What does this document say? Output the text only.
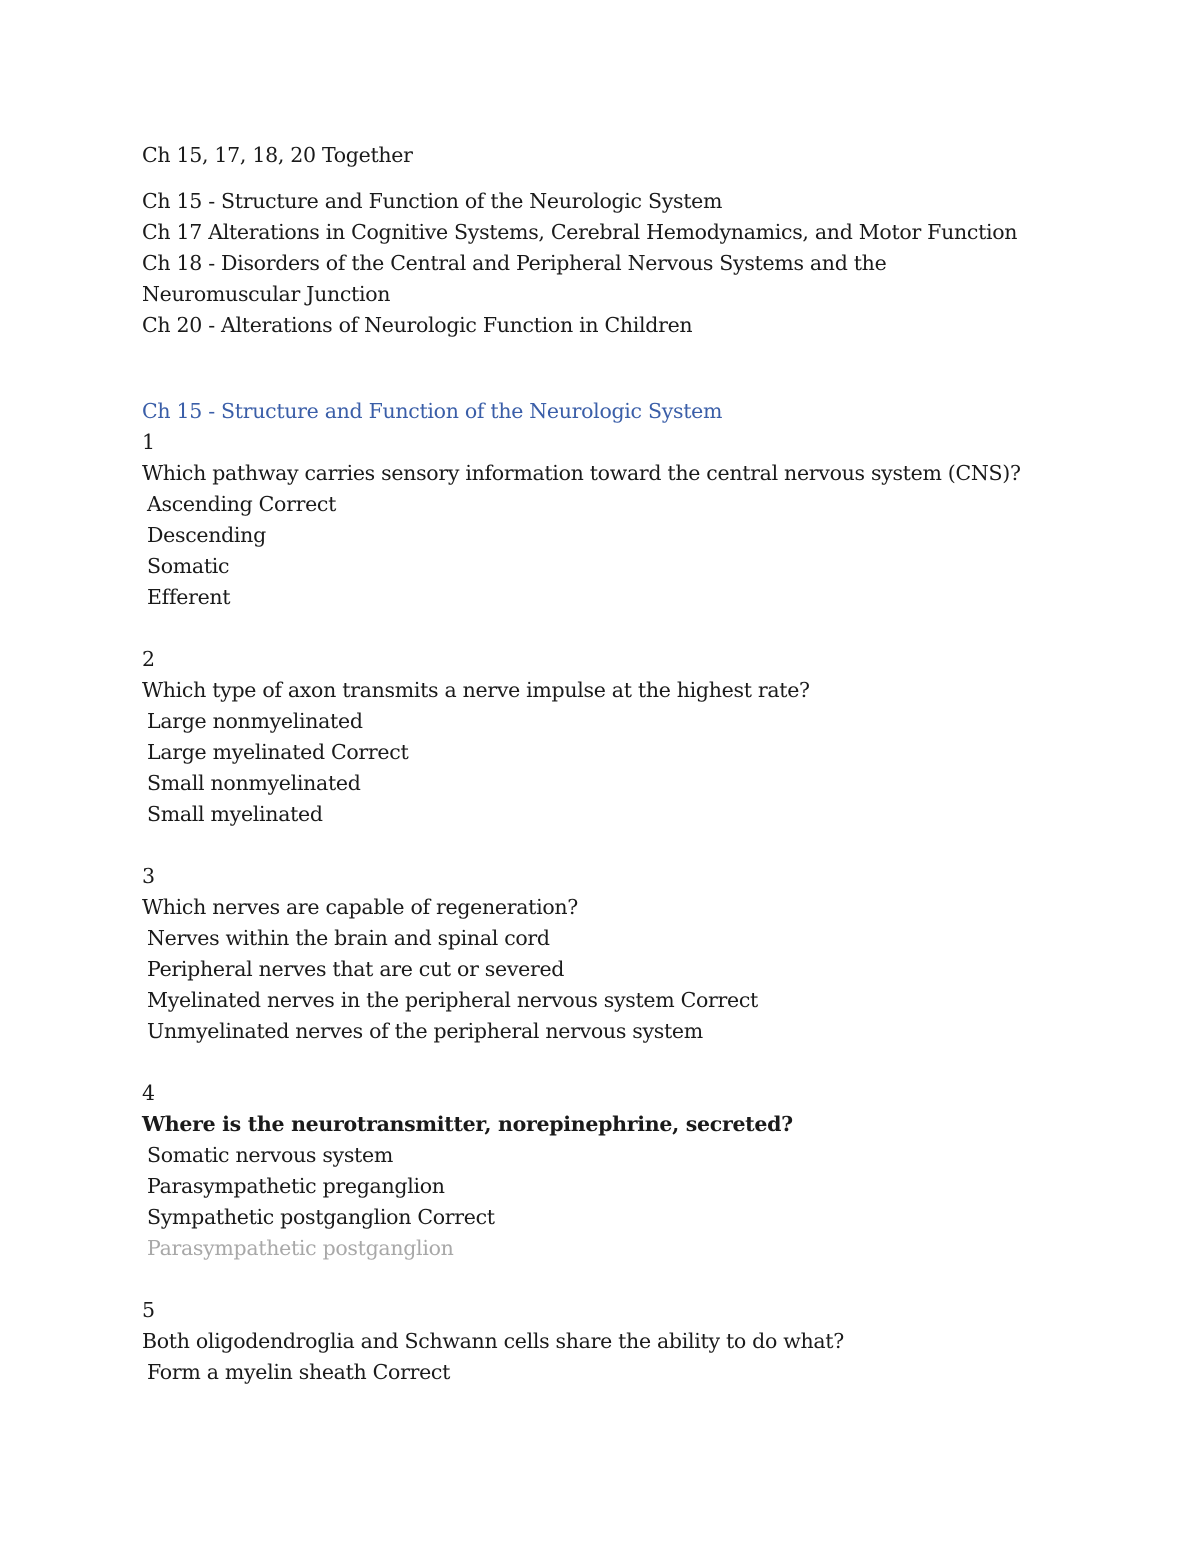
Ch 15, 17, 18, 20 Together
Ch 15 - Structure and Function of the Neurologic System
Ch 17 Alterations in Cognitive Systems, Cerebral Hemodynamics, and Motor Function
Ch 18 - Disorders of the Central and Peripheral Nervous Systems and the Neuromuscular Junction
Ch 20 - Alterations of Neurologic Function in Children
Ch 15 - Structure and Function of the Neurologic System
1
Which pathway carries sensory information toward the central nervous system (CNS)?
Ascending Correct
Descending
Somatic
Efferent
2
Which type of axon transmits a nerve impulse at the highest rate?
Large nonmyelinated
Large myelinated Correct
Small nonmyelinated
Small myelinated
3
Which nerves are capable of regeneration?
Nerves within the brain and spinal cord
Peripheral nerves that are cut or severed
Myelinated nerves in the peripheral nervous system Correct
Unmyelinated nerves of the peripheral nervous system
4
Where is the neurotransmitter, norepinephrine, secreted?
Somatic nervous system
Parasympathetic preganglion
Sympathetic postganglion Correct
Parasympathetic postganglion
5
Both oligodendroglia and Schwann cells share the ability to do what?
Form a myelin sheath Correct
